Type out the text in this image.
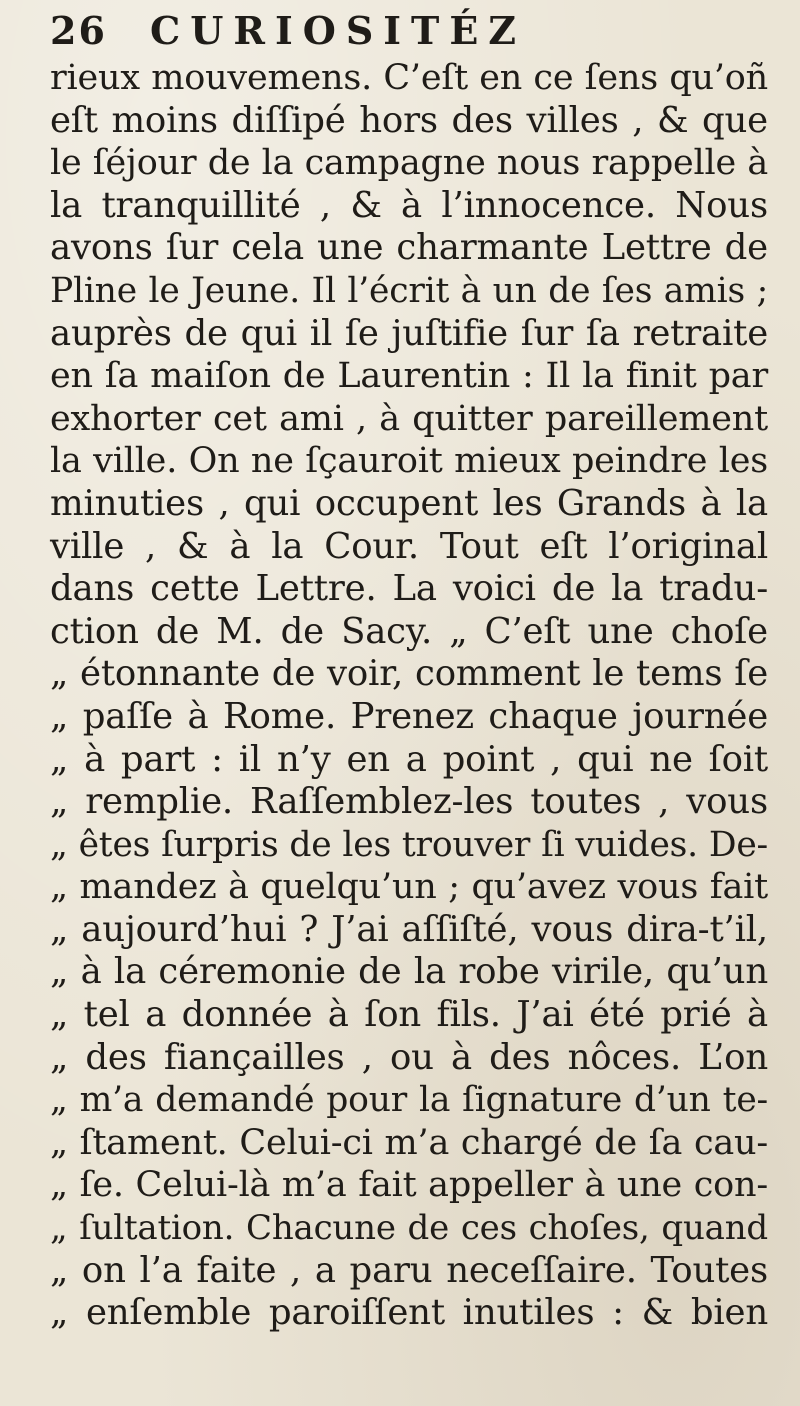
26	CURIOSITÉZ
rieux mouvemens. C’eſt en ce ſens qu’oñ
eſt moins diſſipé hors des villes , & que
le ſéjour de la campagne nous rappelle à
la tranquillité , & à l’innocence. Nous
avons ſur cela une charmante Lettre de
Pline le Jeune. Il l’écrit à un de ſes amis ;
auprès de qui il ſe juſtifie ſur ſa retraite
en ſa maiſon de Laurentin : Il la finit par
exhorter cet ami , à quitter pareillement
la ville. On ne ſçauroit mieux peindre les
minuties , qui occupent les Grands à la
ville , & à la Cour. Tout eſt l’original
dans cette Lettre. La voici de la tradu-
ction de M. de Sacy. „ C’eſt une choſe
„ étonnante de voir, comment le tems ſe
„ paſſe à Rome. Prenez chaque journée
„ à part : il n’y en a point , qui ne ſoit
„ remplie. Raſſemblez-les toutes , vous
„ êtes ſurpris de les trouver ſi vuides. De-
„ mandez à quelqu’un ; qu’avez vous fait
„ aujourd’hui ? J’ai aſſiſté, vous dira-t’il,
„ à la céremonie de la robe virile, qu’un
„ tel a donnée à ſon fils. J’ai été prié à
„ des fiançailles , ou à des nôces. L’on
„ m’a demandé pour la ſignature d’un te-
„ ſtament. Celui-ci m’a chargé de ſa cau-
„ ſe. Celui-là m’a fait appeller à une con-
„ ſultation. Chacune de ces choſes, quand
„ on l’a faite , a paru neceſſaire. Toutes
„ enſemble paroiſſent inutiles : & bien
